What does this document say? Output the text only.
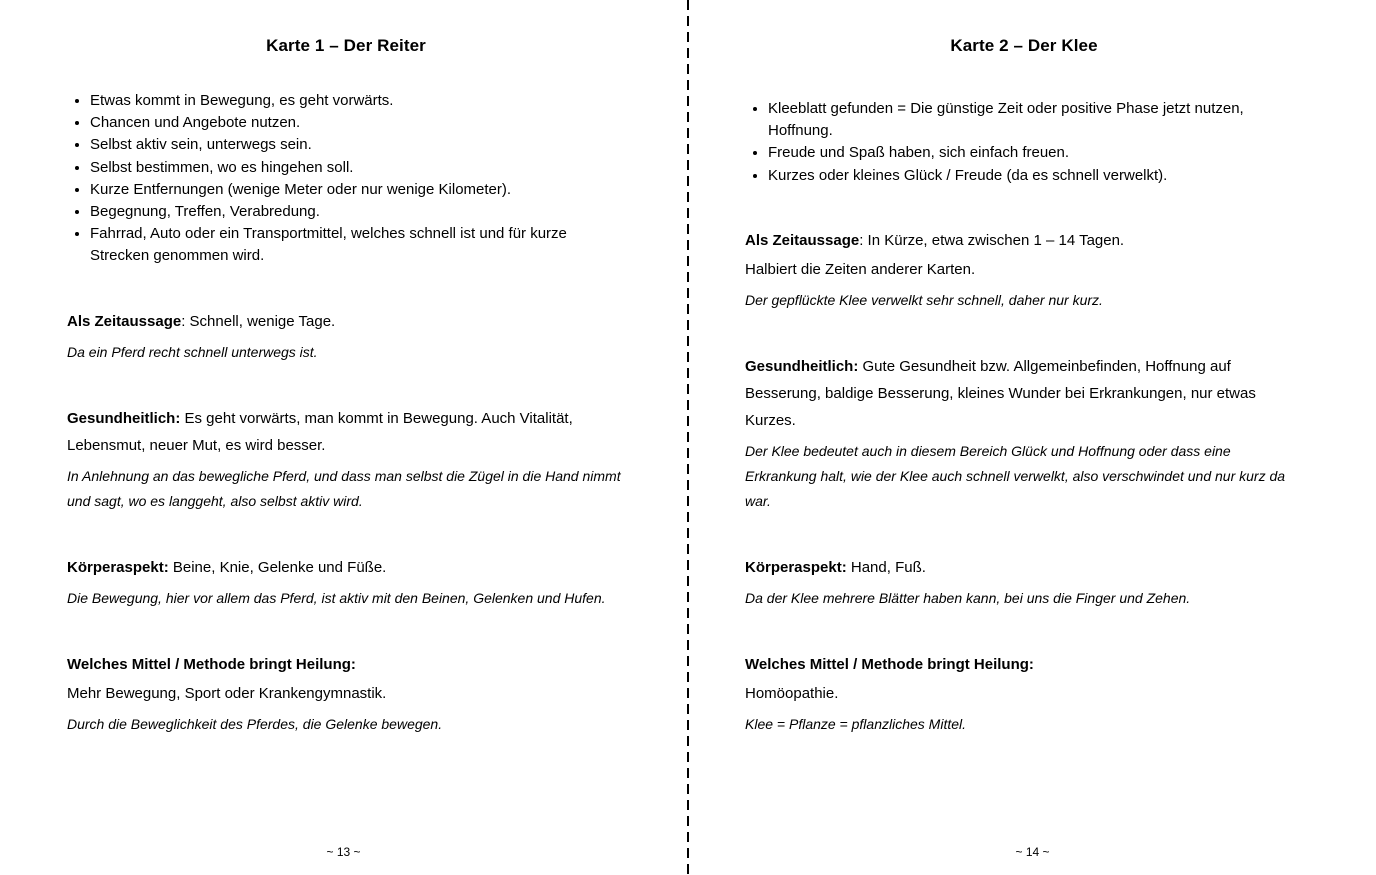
Karte 1 – Der Reiter
• Etwas kommt in Bewegung, es geht vorwärts.
• Chancen und Angebote nutzen.
• Selbst aktiv sein, unterwegs sein.
• Selbst bestimmen, wo es hingehen soll.
• Kurze Entfernungen (wenige Meter oder nur wenige Kilometer).
• Begegnung, Treffen, Verabredung.
• Fahrrad, Auto oder ein Transportmittel, welches schnell ist und für kurze Strecken genommen wird.

Als Zeitaussage: Schnell, wenige Tage.

Da ein Pferd recht schnell unterwegs ist.

Gesundheitlich: Es geht vorwärts, man kommt in Bewegung. Auch Vitalität, Lebensmut, neuer Mut, es wird besser.

In Anlehnung an das bewegliche Pferd, und dass man selbst die Zügel in die Hand nimmt und sagt, wo es langgeht, also selbst aktiv wird.

Körperaspekt: Beine, Knie, Gelenke und Füße.

Die Bewegung, hier vor allem das Pferd, ist aktiv mit den Beinen, Gelenken und Hufen.

Welches Mittel / Methode bringt Heilung:

Mehr Bewegung, Sport oder Krankengymnastik.

Durch die Beweglichkeit des Pferdes, die Gelenke bewegen.

~ 13 ~
Karte 2 – Der Klee
• Kleeblatt gefunden = Die günstige Zeit oder positive Phase jetzt nutzen, Hoffnung.
• Freude und Spaß haben, sich einfach freuen.
• Kurzes oder kleines Glück / Freude (da es schnell verwelkt).

Als Zeitaussage: In Kürze, etwa zwischen 1 – 14 Tagen.

Halbiert die Zeiten anderer Karten.

Der gepflückte Klee verwelkt sehr schnell, daher nur kurz.

Gesundheitlich: Gute Gesundheit bzw. Allgemeinbefinden, Hoffnung auf Besserung, baldige Besserung, kleines Wunder bei Erkrankungen, nur etwas Kurzes.

Der Klee bedeutet auch in diesem Bereich Glück und Hoffnung oder dass eine Erkrankung halt, wie der Klee auch schnell verwelkt, also verschwindet und nur kurz da war.

Körperaspekt: Hand, Fuß.

Da der Klee mehrere Blätter haben kann, bei uns die Finger und Zehen.

Welches Mittel / Methode bringt Heilung:

Homöopathie.

Klee = Pflanze = pflanzliches Mittel.

~ 14 ~
